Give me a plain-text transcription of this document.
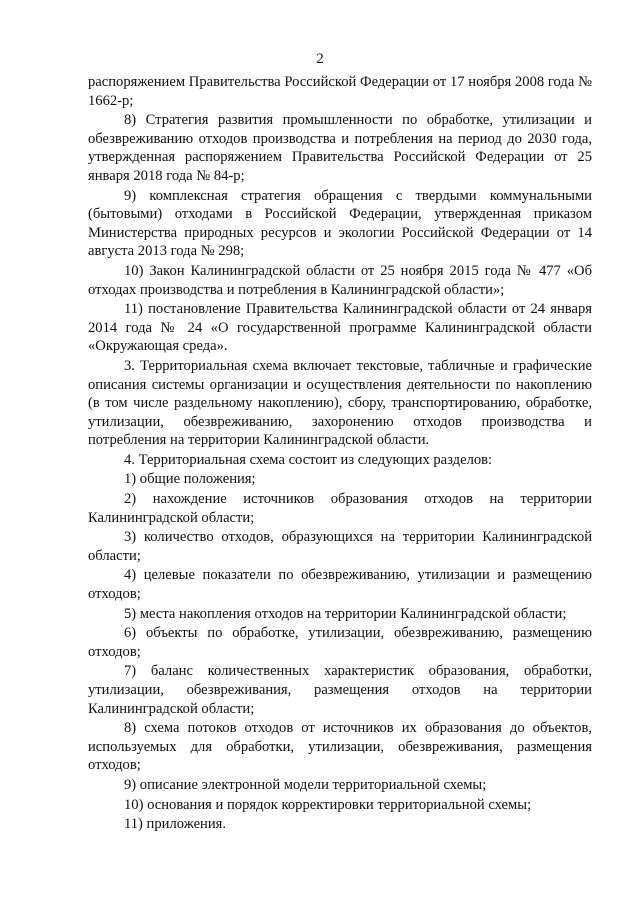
2

распоряжением Правительства Российской Федерации от 17 ноября 2008 года № 1662-р;

8) Стратегия развития промышленности по обработке, утилизации и обезвреживанию отходов производства и потребления на период до 2030 года, утвержденная распоряжением Правительства Российской Федерации от 25 января 2018 года № 84-р;

9) комплексная стратегия обращения с твердыми коммунальными (бытовыми) отходами в Российской Федерации, утвержденная приказом Министерства природных ресурсов и экологии Российской Федерации от 14 августа 2013 года № 298;

10) Закон Калининградской области от 25 ноября 2015 года № 477 «Об отходах производства и потребления в Калининградской области»;

11) постановление Правительства Калининградской области от 24 января 2014 года № 24 «О государственной программе Калининградской области «Окружающая среда».

3. Территориальная схема включает текстовые, табличные и графические описания системы организации и осуществления деятельности по накоплению (в том числе раздельному накоплению), сбору, транспортированию, обработке, утилизации, обезвреживанию, захоронению отходов производства и потребления на территории Калининградской области.

4. Территориальная схема состоит из следующих разделов:

1) общие положения;

2) нахождение источников образования отходов на территории Калининградской области;

3) количество отходов, образующихся на территории Калининградской области;

4) целевые показатели по обезвреживанию, утилизации и размещению отходов;

5) места накопления отходов на территории Калининградской области;

6) объекты по обработке, утилизации, обезвреживанию, размещению отходов;

7) баланс количественных характеристик образования, обработки, утилизации, обезвреживания, размещения отходов на территории Калининградской области;

8) схема потоков отходов от источников их образования до объектов, используемых для обработки, утилизации, обезвреживания, размещения отходов;

9) описание электронной модели территориальной схемы;

10) основания и порядок корректировки территориальной схемы;

11) приложения.
